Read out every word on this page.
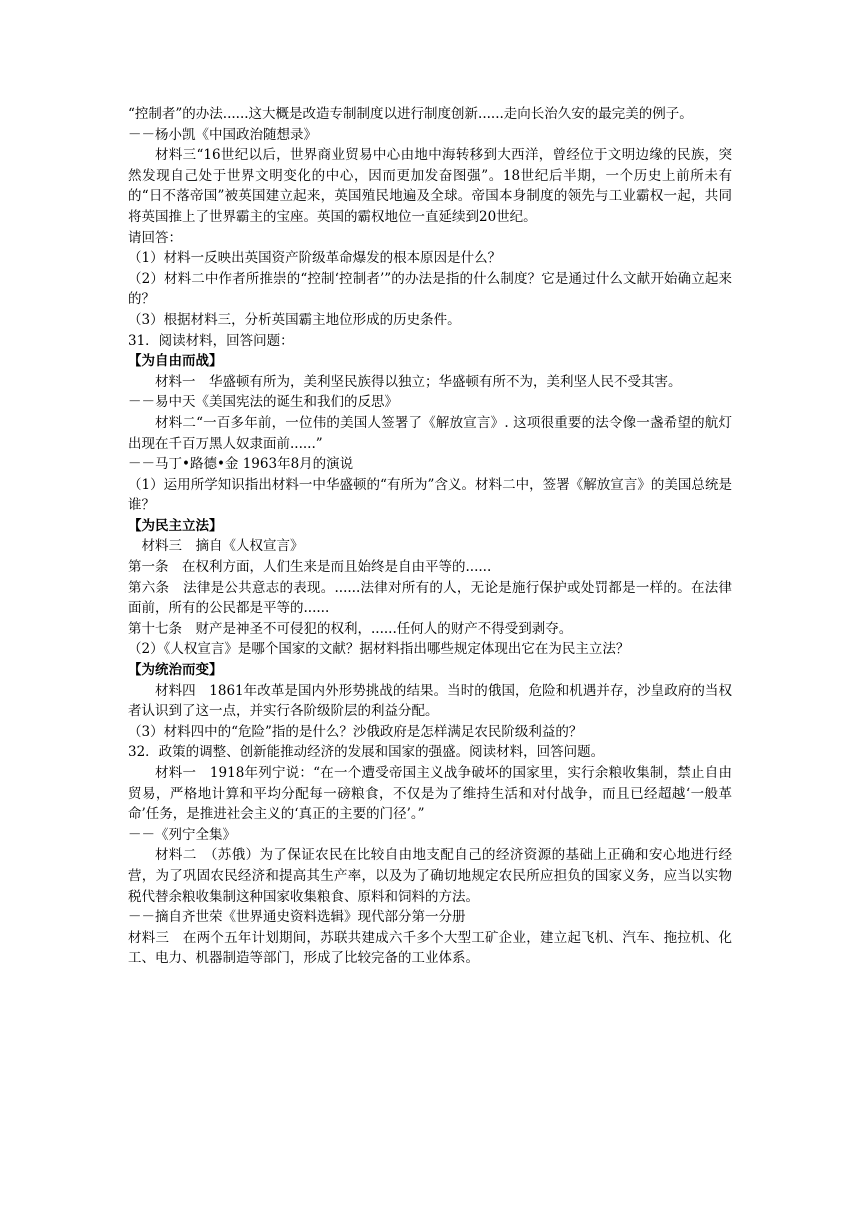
“控制者”的办法......这大概是改造专制制度以进行制度创新......走向长治久安的最完美的例子。
－－杨小凯《中国政治随想录》
材料三“16世纪以后，世界商业贸易中心由地中海转移到大西洋，曾经位于文明边缘的民族，突然发现自己处于世界文明变化的中心，因而更加发奋图强”。18世纪后半期，一个历史上前所未有的“日不落帝国”被英国建立起来，英国殖民地遍及全球。帝国本身制度的领先与工业霸权一起，共同将英国推上了世界霸主的宝座。英国的霸权地位一直延续到20世纪。
请回答：
（1）材料一反映出英国资产阶级革命爆发的根本原因是什么？
（2）材料二中作者所推崇的“控制‘控制者’”的办法是指的什么制度？它是通过什么文献开始确立起来的？
（3）根据材料三，分析英国霸主地位形成的历史条件。
31．阅读材料，回答问题：
【为自由而战】
材料一　华盛顿有所为，美利坚民族得以独立；华盛顿有所不为，美利坚人民不受其害。
－－易中天《美国宪法的诞生和我们的反思》
材料二“一百多年前，一位伟的美国人签署了《解放宣言》. 这项很重要的法令像一盏希望的航灯出现在千百万黑人奴隶面前......”
－－马丁•路德•金 1963年8月的演说
（1）运用所学知识指出材料一中华盛顿的“有所为”含义。材料二中，签署《解放宣言》的美国总统是谁？
【为民主立法】
材料三　摘自《人权宣言》
第一条　在权利方面，人们生来是而且始终是自由平等的......
第六条　法律是公共意志的表现。......法律对所有的人，无论是施行保护或处罚都是一样的。在法律面前，所有的公民都是平等的......
第十七条　财产是神圣不可侵犯的权利，......任何人的财产不得受到剥夺。
（2）《人权宣言》是哪个国家的文献？据材料指出哪些规定体现出它在为民主立法？
【为统治而变】
材料四　1861年改革是国内外形势挑战的结果。当时的俄国，危险和机遇并存，沙皇政府的当权者认识到了这一点，并实行各阶级阶层的利益分配。
（3）材料四中的“危险”指的是什么？沙俄政府是怎样满足农民阶级利益的？
32．政策的调整、创新能推动经济的发展和国家的强盛。阅读材料，回答问题。
材料一　1918年列宁说：“在一个遭受帝国主义战争破坏的国家里，实行余粮收集制，禁止自由贸易，严格地计算和平均分配每一磅粮食，不仅是为了维持生活和对付战争，而且已经超越‘一般革命’任务，是推进社会主义的‘真正的主要的门径’。”
－－《列宁全集》
材料二　（苏俄）为了保证农民在比较自由地支配自己的经济资源的基础上正确和安心地进行经营，为了巩固农民经济和提高其生产率，以及为了确切地规定农民所应担负的国家义务，应当以实物税代替余粮收集制这种国家收集粮食、原料和饲料的方法。
－－摘自齐世荣《世界通史资料选辑》现代部分第一分册
材料三　在两个五年计划期间，苏联共建成六千多个大型工矿企业，建立起飞机、汽车、拖拉机、化工、电力、机器制造等部门，形成了比较完备的工业体系。
